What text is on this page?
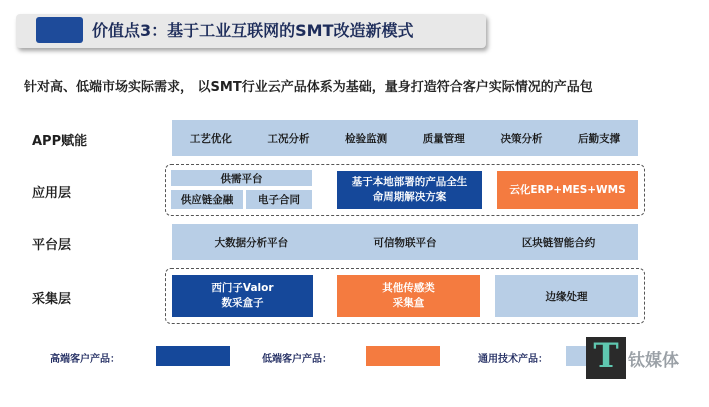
价值点3：基于工业互联网的SMT改造新模式
针对高、低端市场实际需求， 以SMT行业云产品体系为基础，量身打造符合客户实际情况的产品包
APP赋能	工艺优化	工况分析	检验监测	质量管理	决策分析	后勤支撑
应用层
供需平台
供应链金融	电子合同
基于本地部署的产品全生
命周期解决方案
云化ERP+MES+WMS
平台层	大数据分析平台	可信物联平台	区块链智能合约
采集层
西门子Valor
数采盒子
其他传感类
采集盒
边缘处理
高端客户产品：	低端客户产品：	通用技术产品： T 钛媒体
